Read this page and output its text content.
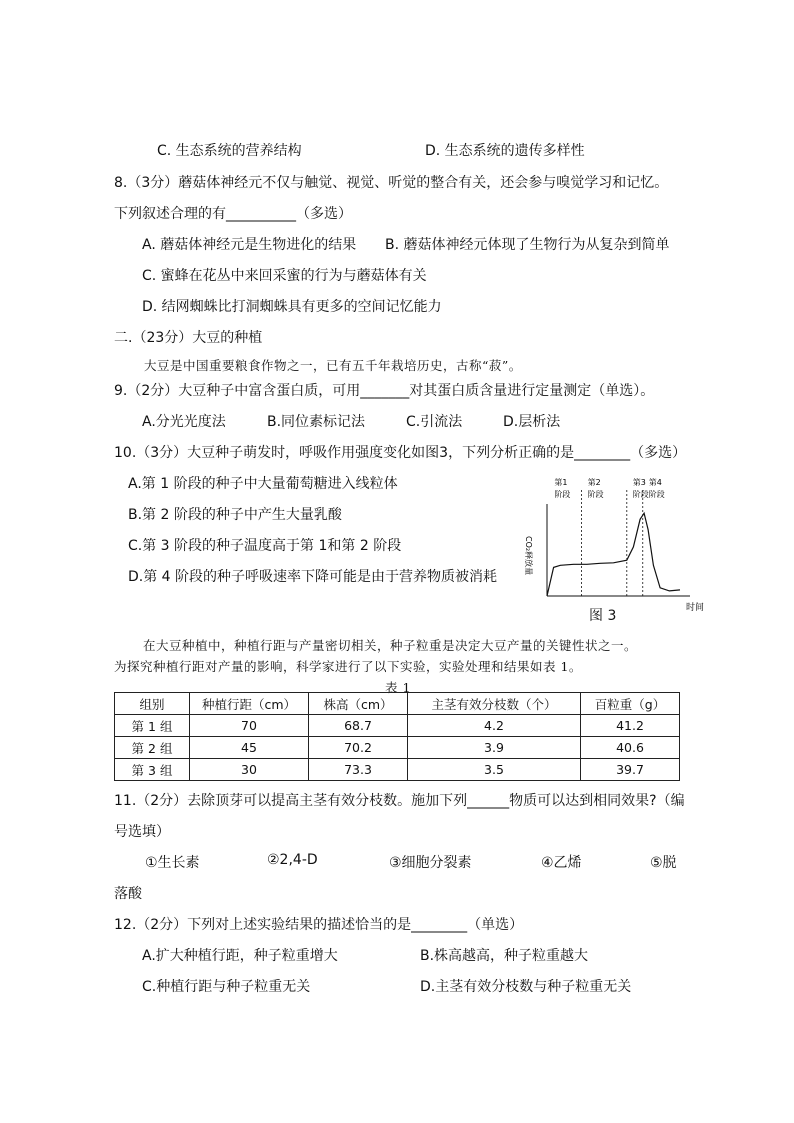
C. 生态系统的营养结构	D. 生态系统的遗传多样性
8.（3分）蘑菇体神经元不仅与触觉、视觉、听觉的整合有关，还会参与嗅觉学习和记忆。
下列叙述合理的有__________（多选）
A. 蘑菇体神经元是生物进化的结果 B. 蘑菇体神经元体现了生物行为从复杂到简单
C. 蜜蜂在花丛中来回采蜜的行为与蘑菇体有关
D. 结网蜘蛛比打洞蜘蛛具有更多的空间记忆能力
二.（23分）大豆的种植
大豆是中国重要粮食作物之一，已有五千年栽培历史，古称“菽”。
9.（2分）大豆种子中富含蛋白质，可用_______对其蛋白质含量进行定量测定（单选）。
A.分光光度法	B.同位素标记法	C.引流法	D.层析法
10.（3分）大豆种子萌发时，呼吸作用强度变化如图3，下列分析正确的是________（多选）
A.第 1 阶段的种子中大量葡萄糖进入线粒体
B.第 2 阶段的种子中产生大量乳酸
C.第 3 阶段的种子温度高于第 1和第 2 阶段
D.第 4 阶段的种子呼吸速率下降可能是由于营养物质被消耗
第1
阶段
第2
阶段
第3
阶段
第4
阶段
CO₂释放量
时间
图 3
在大豆种植中，种植行距与产量密切相关，种子粒重是决定大豆产量的关键性状之一。
为探究种植行距对产量的影响，科学家进行了以下实验，实验处理和结果如表 1。
表 1
组别	种植行距（cm）	株高（cm）	主茎有效分枝数（个）	百粒重（g）
第 1 组	70	68.7	4.2	41.2
第 2 组	45	70.2	3.9	40.6
第 3 组	30	73.3	3.5	39.7
11.（2分）去除顶芽可以提高主茎有效分枝数。施加下列______物质可以达到相同效果?（编
号选填）
①生长素	②2,4-D	③细胞分裂素	④乙烯	⑤脱
落酸
12.（2分）下列对上述实验结果的描述恰当的是________（单选）
A.扩大种植行距，种子粒重增大	B.株高越高，种子粒重越大
C.种植行距与种子粒重无关	D.主茎有效分枝数与种子粒重无关
